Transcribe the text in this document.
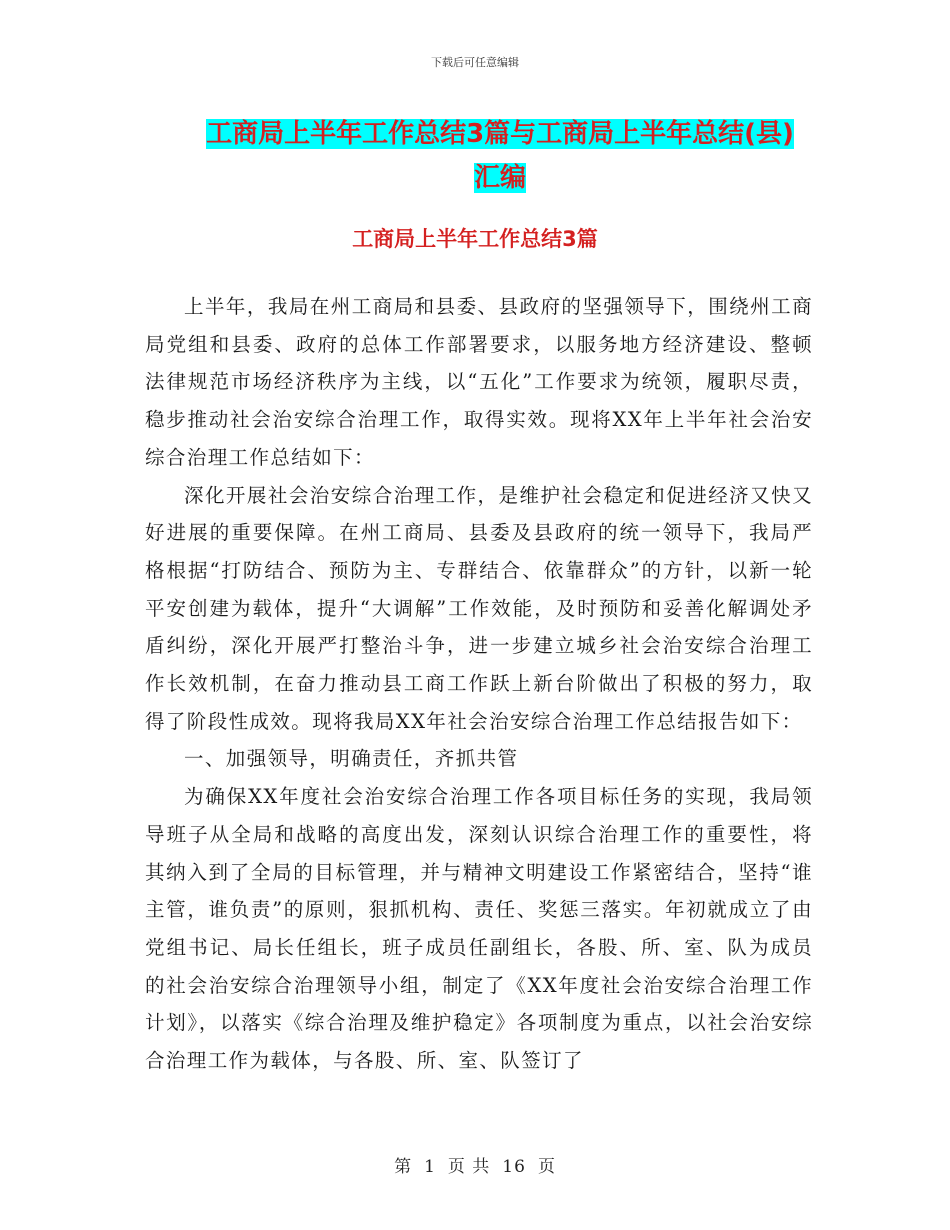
下载后可任意编辑
工商局上半年工作总结3篇与工商局上半年总结(县)
汇编
工商局上半年工作总结3篇

上半年，我局在州工商局和县委、县政府的坚强领导下，围绕州工商局党组和县委、政府的总体工作部署要求，以服务地方经济建设、整顿法律规范市场经济秩序为主线，以“五化”工作要求为统领，履职尽责，稳步推动社会治安综合治理工作，取得实效。现将XX年上半年社会治安综合治理工作总结如下：

深化开展社会治安综合治理工作，是维护社会稳定和促进经济又快又好进展的重要保障。在州工商局、县委及县政府的统一领导下，我局严格根据“打防结合、预防为主、专群结合、依靠群众”的方针，以新一轮平安创建为载体，提升“大调解”工作效能，及时预防和妥善化解调处矛盾纠纷，深化开展严打整治斗争，进一步建立城乡社会治安综合治理工作长效机制，在奋力推动县工商工作跃上新台阶做出了积极的努力，取得了阶段性成效。现将我局XX年社会治安综合治理工作总结报告如下：

一、加强领导，明确责任，齐抓共管

为确保XX年度社会治安综合治理工作各项目标任务的实现，我局领导班子从全局和战略的高度出发，深刻认识综合治理工作的重要性，将其纳入到了全局的目标管理，并与精神文明建设工作紧密结合，坚持“谁主管，谁负责”的原则，狠抓机构、责任、奖惩三落实。年初就成立了由党组书记、局长任组长，班子成员任副组长，各股、所、室、队为成员的社会治安综合治理领导小组，制定了《XX年度社会治安综合治理工作计划》，以落实《综合治理及维护稳定》各项制度为重点，以社会治安综合治理工作为载体，与各股、所、室、队签订了

第 1 页 共 16 页
